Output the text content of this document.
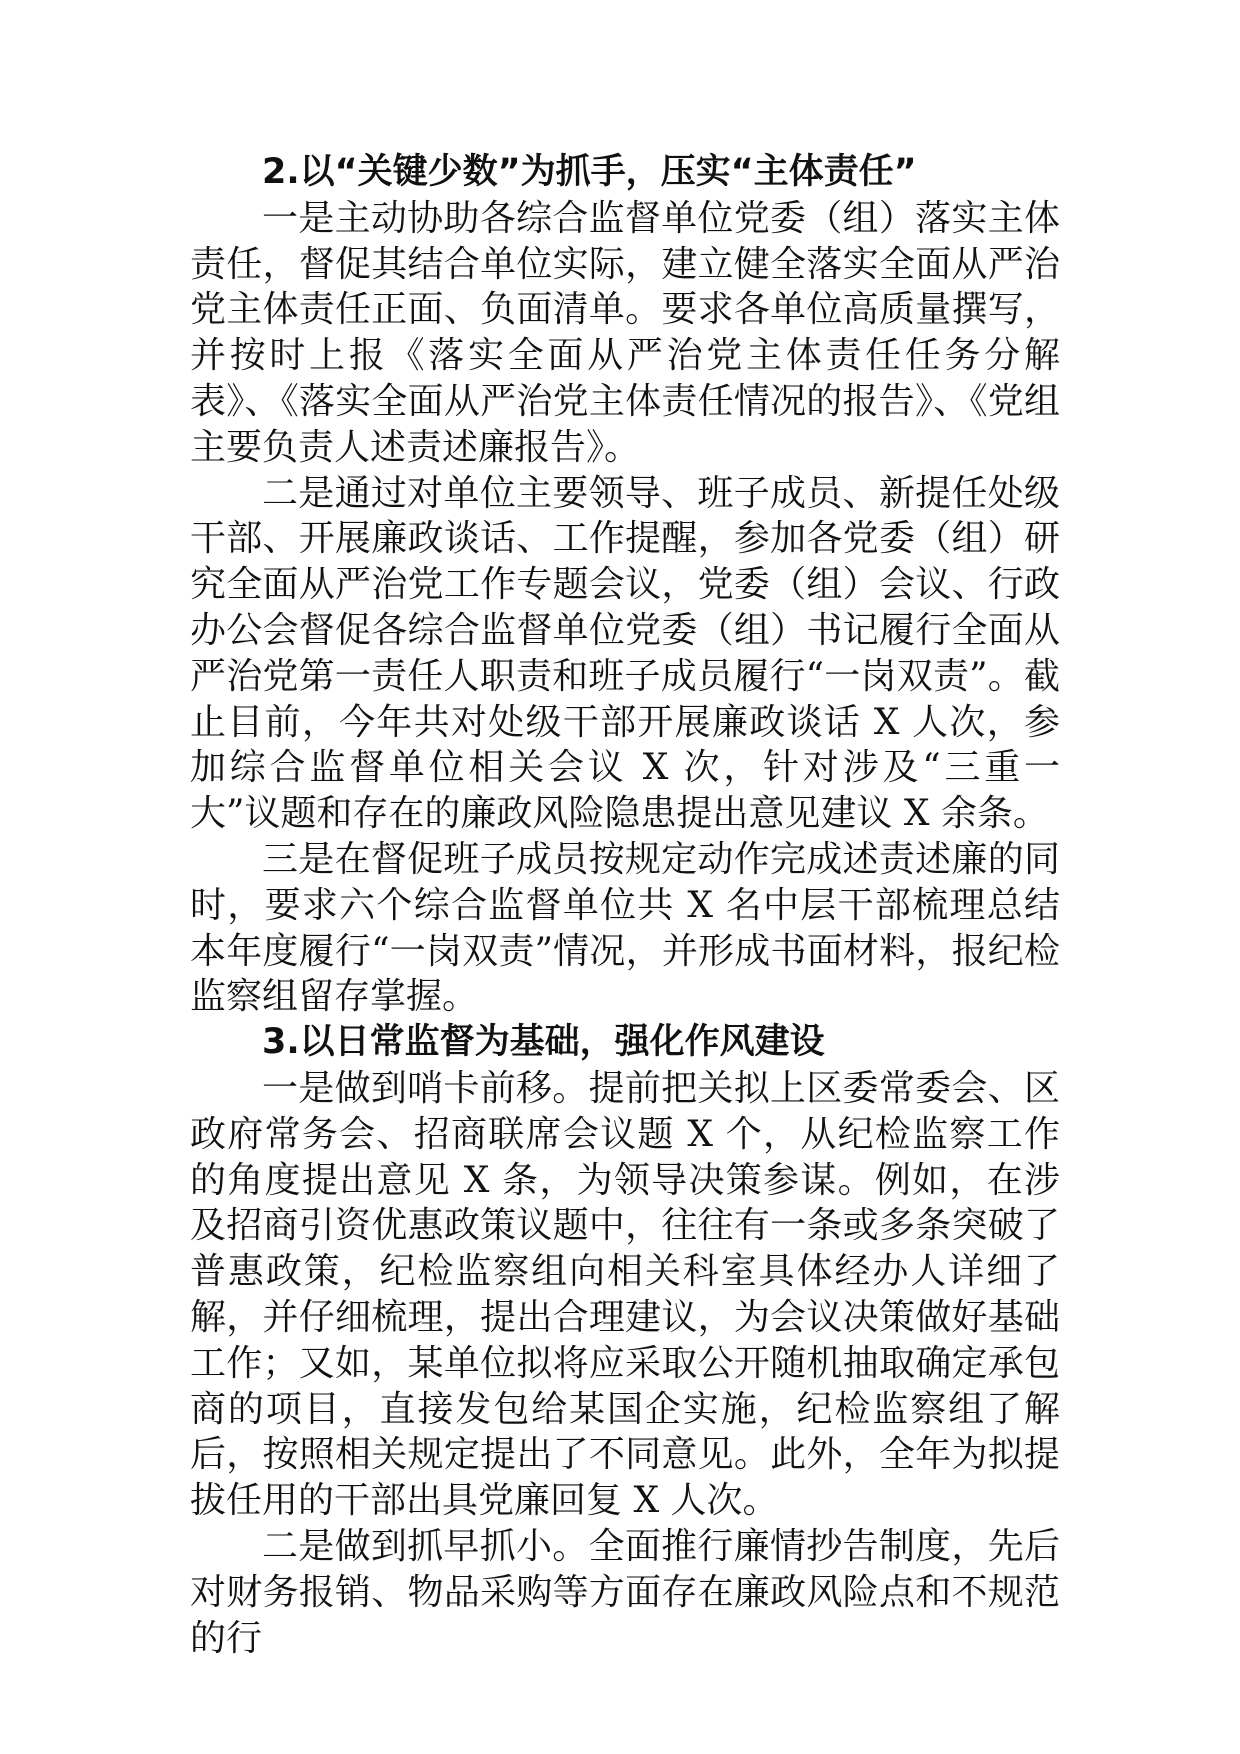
2.以“关键少数”为抓手，压实“主体责任”

一是主动协助各综合监督单位党委（组）落实主体责任，督促其结合单位实际，建立健全落实全面从严治党主体责任正面、负面清单。要求各单位高质量撰写，并按时上报《落实全面从严治党主体责任任务分解表》、《落实全面从严治党主体责任情况的报告》、《党组主要负责人述责述廉报告》。

二是通过对单位主要领导、班子成员、新提任处级干部、开展廉政谈话、工作提醒，参加各党委（组）研究全面从严治党工作专题会议，党委（组）会议、行政办公会督促各综合监督单位党委（组）书记履行全面从严治党第一责任人职责和班子成员履行“一岗双责”。截止目前，今年共对处级干部开展廉政谈话 X 人次，参加综合监督单位相关会议 X 次，针对涉及“三重一大”议题和存在的廉政风险隐患提出意见建议 X 余条。

三是在督促班子成员按规定动作完成述责述廉的同时，要求六个综合监督单位共 X 名中层干部梳理总结本年度履行“一岗双责”情况，并形成书面材料，报纪检监察组留存掌握。

3.以日常监督为基础，强化作风建设

一是做到哨卡前移。提前把关拟上区委常委会、区政府常务会、招商联席会议题 X 个，从纪检监察工作的角度提出意见 X 条，为领导决策参谋。例如，在涉及招商引资优惠政策议题中，往往有一条或多条突破了普惠政策，纪检监察组向相关科室具体经办人详细了解，并仔细梳理，提出合理建议，为会议决策做好基础工作；又如，某单位拟将应采取公开随机抽取确定承包商的项目，直接发包给某国企实施，纪检监察组了解后，按照相关规定提出了不同意见。此外，全年为拟提拔任用的干部出具党廉回复 X 人次。

二是做到抓早抓小。全面推行廉情抄告制度，先后对财务报销、物品采购等方面存在廉政风险点和不规范的行
